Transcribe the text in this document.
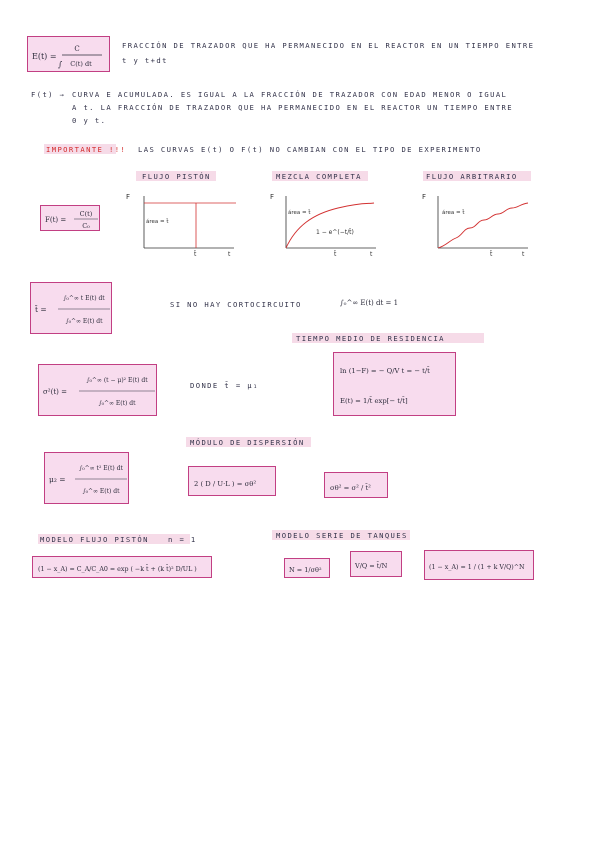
E(t) =
C
∫ C(t) dt
FRACCIÓN DE TRAZADOR QUE HA PERMANECIDO EN EL REACTOR EN UN TIEMPO ENTRE
t y t+dt
F(t) → CURVA E ACUMULADA. ES IGUAL A LA FRACCIÓN DE TRAZADOR CON EDAD MENOR O IGUAL
A t. LA FRACCIÓN DE TRAZADOR QUE HA PERMANECIDO EN EL REACTOR UN TIEMPO ENTRE
0 y t.
IMPORTANTE !!! LAS CURVAS E(t) O F(t) NO CAMBIAN CON EL TIPO DE EXPERIMENTO
FLUJO PISTÓN	MEZCLA COMPLETA	FLUJO ARBITRARIO
F(t) =
C(t)
C₀
F
área = t̄
t̄	t
F
área = t̄
1 − e^(−t/t̄)
t̄	t
F
área = t̄
t̄	t
t̄ =
∫₀^∞ t E(t) dt
∫₀^∞ E(t) dt
SI NO HAY CORTOCIRCUITO	∫₀^∞ E(t) dt = 1
TIEMPO MEDIO DE RESIDENCIA
ln (1−F) = − Q/V t = − t/t̄
E(t) = 1/t̄ exp[− t/t̄]
σ²(t) =
∫₀^∞ (t − μ)² E(t) dt
∫₀^∞ E(t) dt
DONDE t̄ = μ₁
MÓDULO DE DISPERSIÓN
μ₂ =
∫₀^∞ t² E(t) dt
∫₀^∞ E(t) dt
2 ( D / U·L ) = σθ²	σθ² = σ² / t̄²
MODELO FLUJO PISTÓN	n = 1	MODELO SERIE DE TANQUES
(1 − x_A) = C_A/C_A0 = exp ( −k t̄ + (k t̄)² D/UL )	N = 1/σθ²	V/Q = t̄/N	(1 − x_A) = 1 / (1 + k V/Q)^N
